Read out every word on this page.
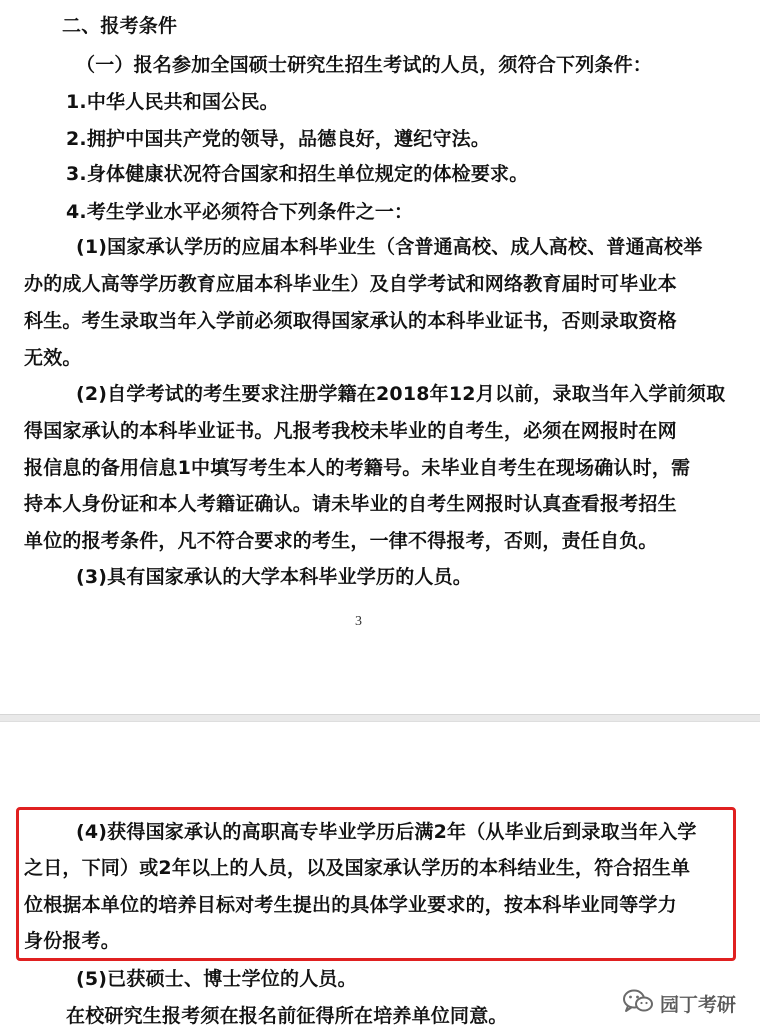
二、报考条件
（一）报名参加全国硕士研究生招生考试的人员，须符合下列条件：
1.中华人民共和国公民。
2.拥护中国共产党的领导，品德良好，遵纪守法。
3.身体健康状况符合国家和招生单位规定的体检要求。
4.考生学业水平必须符合下列条件之一：
(1)国家承认学历的应届本科毕业生（含普通高校、成人高校、普通高校举
办的成人高等学历教育应届本科毕业生）及自学考试和网络教育届时可毕业本
科生。考生录取当年入学前必须取得国家承认的本科毕业证书，否则录取资格
无效。
(2)自学考试的考生要求注册学籍在2018年12月以前，录取当年入学前须取
得国家承认的本科毕业证书。凡报考我校未毕业的自考生，必须在网报时在网
报信息的备用信息1中填写考生本人的考籍号。未毕业自考生在现场确认时，需
持本人身份证和本人考籍证确认。请未毕业的自考生网报时认真查看报考招生
单位的报考条件，凡不符合要求的考生，一律不得报考，否则，责任自负。
(3)具有国家承认的大学本科毕业学历的人员。
3
(4)获得国家承认的高职高专毕业学历后满2年（从毕业后到录取当年入学
之日，下同）或2年以上的人员，以及国家承认学历的本科结业生，符合招生单
位根据本单位的培养目标对考生提出的具体学业要求的，按本科毕业同等学力
身份报考。
(5)已获硕士、博士学位的人员。
在校研究生报考须在报名前征得所在培养单位同意。
园丁考研
